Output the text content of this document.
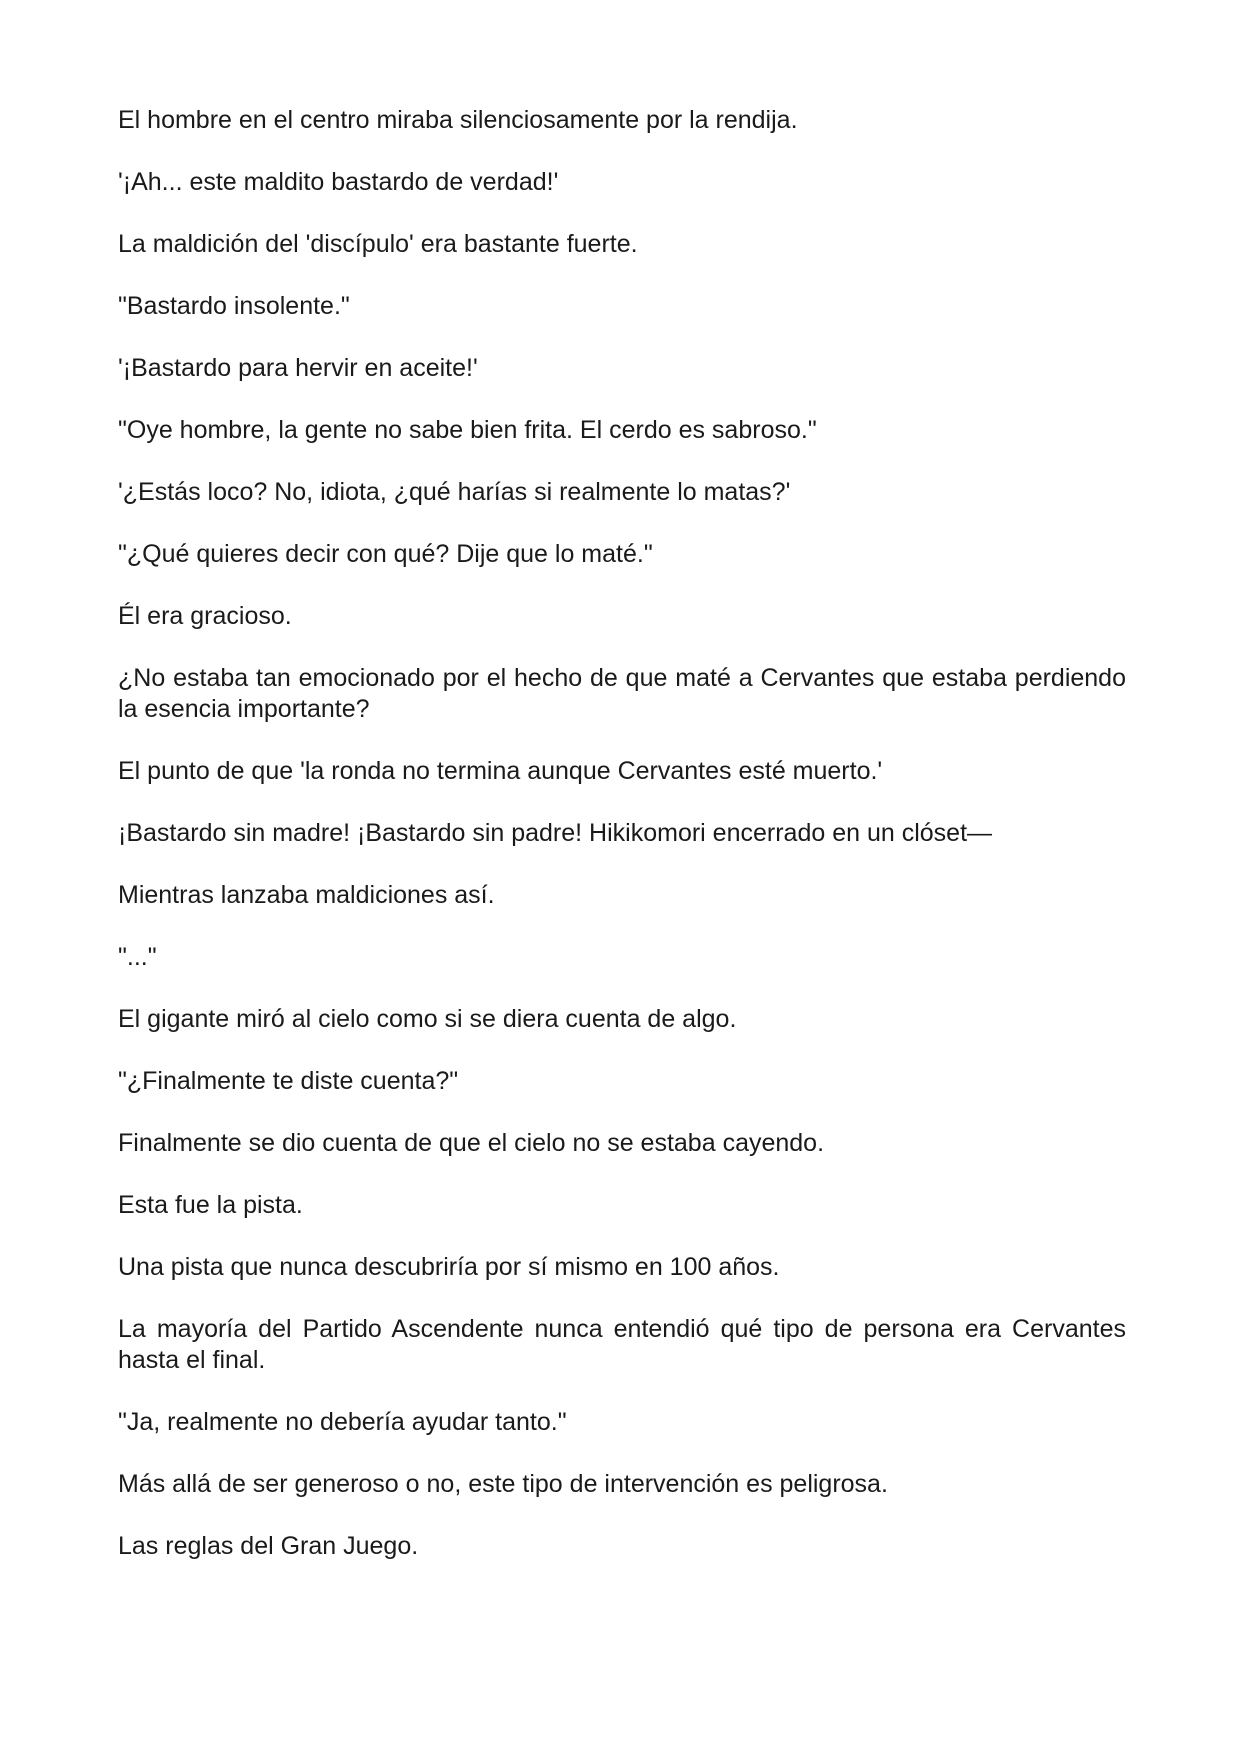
El hombre en el centro miraba silenciosamente por la rendija.

'¡Ah... este maldito bastardo de verdad!'

La maldición del 'discípulo' era bastante fuerte.

"Bastardo insolente."

'¡Bastardo para hervir en aceite!'

"Oye hombre, la gente no sabe bien frita. El cerdo es sabroso."

'¿Estás loco? No, idiota, ¿qué harías si realmente lo matas?'

"¿Qué quieres decir con qué? Dije que lo maté."

Él era gracioso.

¿No estaba tan emocionado por el hecho de que maté a Cervantes que estaba perdiendo la esencia importante?

El punto de que 'la ronda no termina aunque Cervantes esté muerto.'

¡Bastardo sin madre! ¡Bastardo sin padre! Hikikomori encerrado en un clóset—

Mientras lanzaba maldiciones así.

"..."

El gigante miró al cielo como si se diera cuenta de algo.

"¿Finalmente te diste cuenta?"

Finalmente se dio cuenta de que el cielo no se estaba cayendo.

Esta fue la pista.

Una pista que nunca descubriría por sí mismo en 100 años.

La mayoría del Partido Ascendente nunca entendió qué tipo de persona era Cervantes hasta el final.

"Ja, realmente no debería ayudar tanto."

Más allá de ser generoso o no, este tipo de intervención es peligrosa.

Las reglas del Gran Juego.
